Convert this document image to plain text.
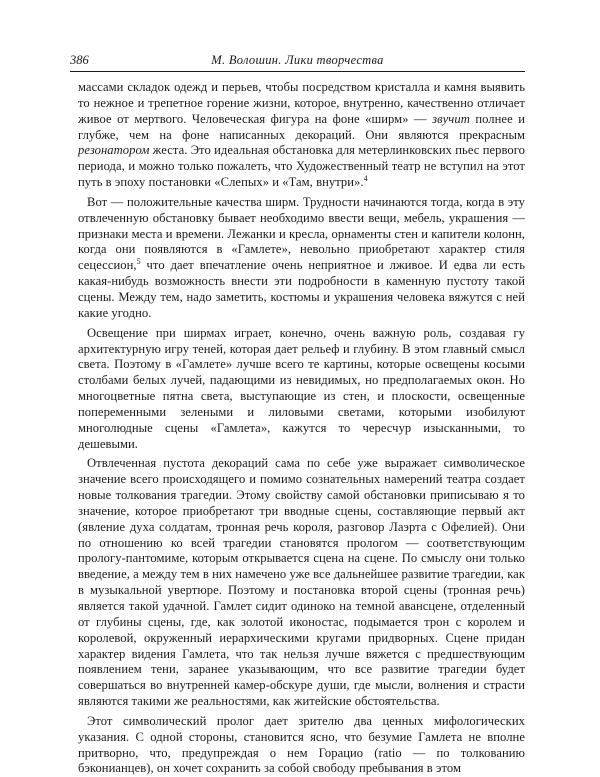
386	М. Волошин. Лики творчества

массами складок одежд и перьев, чтобы посредством кристалла и камня выявить то нежное и трепетное горение жизни, которое, внутренно, качественно отличает живое от мертвого. Человеческая фигура на фоне «ширм» — звучит полнее и глубже, чем на фоне написанных декораций. Они являются прекрасным резонатором жеста. Это идеальная обстановка для метерлинковских пьес первого периода, и можно только пожалеть, что Художественный театр не вступил на этот путь в эпоху постановки «Слепых» и «Там, внутри».$^4$

Вот — положительные качества ширм. Трудности начинаются тогда, когда в эту отвлеченную обстановку бывает необходимо ввести вещи, мебель, украшения — признаки места и времени. Лежанки и кресла, орнаменты стен и капители колонн, когда они появляются в «Гамлете», невольно приобретают характер стиля сецессион,$^5$ что дает впечатление очень неприятное и лживое. И едва ли есть какая-нибудь возможность внести эти подробности в каменную пустоту такой сцены. Между тем, надо заметить, костюмы и украшения человека вяжутся с ней какие угодно.

Освещение при ширмах играет, конечно, очень важную роль, создавая гу архитектурную игру теней, которая дает рельеф и глубину. В этом главный смысл света. Поэтому в «Гамлете» лучше всего те картины, которые освещены косыми столбами белых лучей, падающими из невидимых, но предполагаемых окон. Но многоцветные пятна света, выступающие из стен, и плоскости, освещенные попеременными зелеными и лиловыми светами, которыми изобилуют многолюдные сцены «Гамлета», кажутся то чересчур изысканными, то дешевыми.

Отвлеченная пустота декораций сама по себе уже выражает символическое значение всего происходящего и помимо сознательных намерений театра создает новые толкования трагедии. Этому свойству самой обстановки приписываю я то значение, которое приобретают три вводные сцены, составляющие первый акт (явление духа солдатам, тронная речь короля, разговор Лаэрта с Офелией). Они по отношению ко всей трагедии становятся прологом — соответствующим прологу-пантомиме, которым открывается сцена на сцене. По смыслу они только введение, а между тем в них намечено уже все дальнейшее развитие трагедии, как в музыкальной увертюре. Поэтому и постановка второй сцены (тронная речь) является такой удачной. Гамлет сидит одиноко на темной авансцене, отделенный от глубины сцены, где, как золотой иконостас, подымается трон с королем и королевой, окруженный иерархическими кругами придворных. Сцене придан характер видения Гамлета, что так нельзя лучше вяжется с предшествующим появлением тени, заранее указывающим, что все развитие трагедии будет совершаться во внутренней камер-обскуре души, где мысли, волнения и страсти являются такими же реальностями, как житейские обстоятельства.

Этот символический пролог дает зрителю два ценных мифологических указания. С одной стороны, становится ясно, что безумие Гамлета не вполне притворно, что, предупреждая о нем Горацио (ratio — по толкованию бэконианцев), он хочет сохранить за собой свободу пребывания в этом
